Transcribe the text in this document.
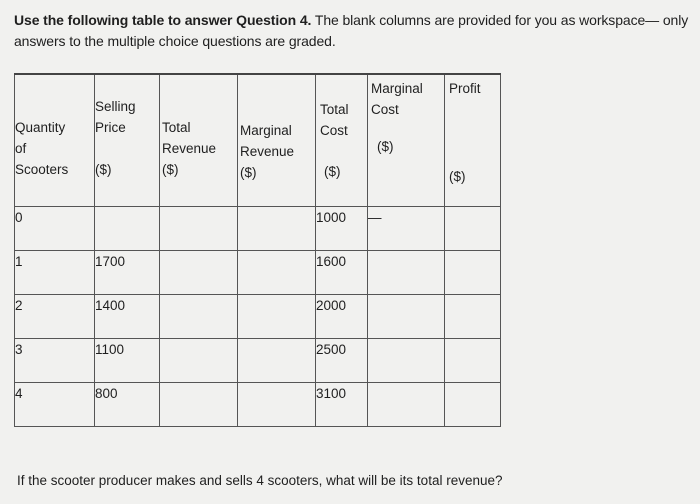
Use the following table to answer Question 4. The blank columns are provided for you as workspace— only answers to the multiple choice questions are graded.
Quantity
of
Scooters	Selling
Price
($)	Total
Revenue
($)	Marginal
Revenue
($)	Total
Cost
($)	Marginal
Cost
($)	Profit
($)

0				1000	—	
1	1700			1600		
2	1400			2000		
3	1100			2500		
4	800			3100		
If the scooter producer makes and sells 4 scooters, what will be its total revenue?
